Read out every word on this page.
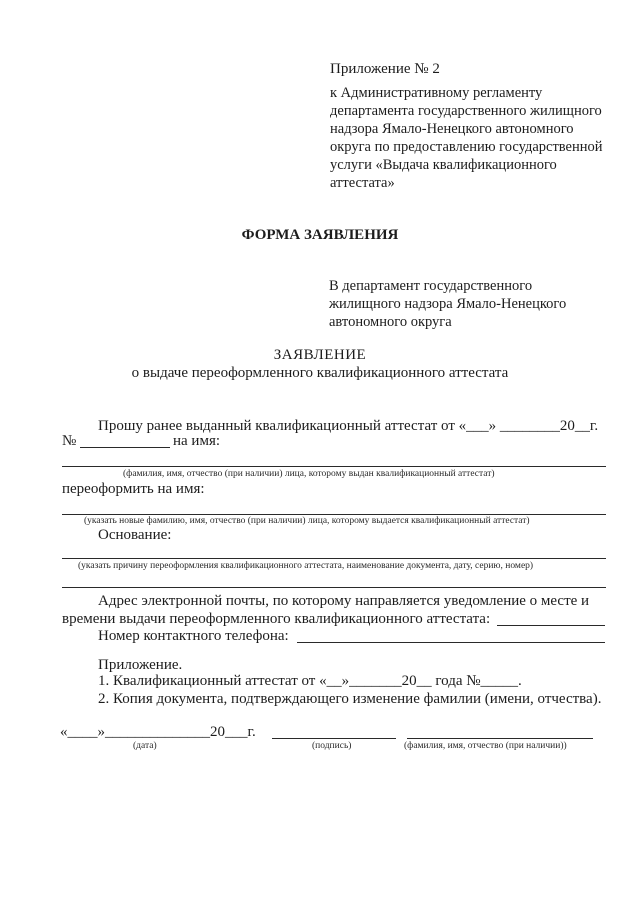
Приложение № 2
к Административному регламенту
департамента государственного жилищного
надзора Ямало-Ненецкого автономного
округа по предоставлению государственной
услуги «Выдача квалификационного
аттестата»
ФОРМА ЗАЯВЛЕНИЯ
В департамент государственного
жилищного надзора Ямало-Ненецкого
автономного округа
ЗАЯВЛЕНИЕ
о выдаче переоформленного квалификационного аттестата
Прошу ранее выданный квалификационный аттестат от «___» ________20__г.
№	на имя:
(фамилия, имя, отчество (при наличии) лица, которому выдан квалификационный аттестат)
переоформить на имя:
(указать новые фамилию, имя, отчество (при наличии) лица, которому выдается квалификационный аттестат)
Основание:
(указать причину переоформления квалификационного аттестата, наименование документа, дату, серию, номер)
Адрес электронной почты, по которому направляется уведомление о месте и
времени выдачи переоформленного квалификационного аттестата:
Номер контактного телефона:
Приложение.
1. Квалификационный аттестат от «__»_______20__ года №_____.
2. Копия документа, подтверждающего изменение фамилии (имени, отчества).
«____»______________20___г.
(дата)	(подпись)	(фамилия, имя, отчество (при наличии))
